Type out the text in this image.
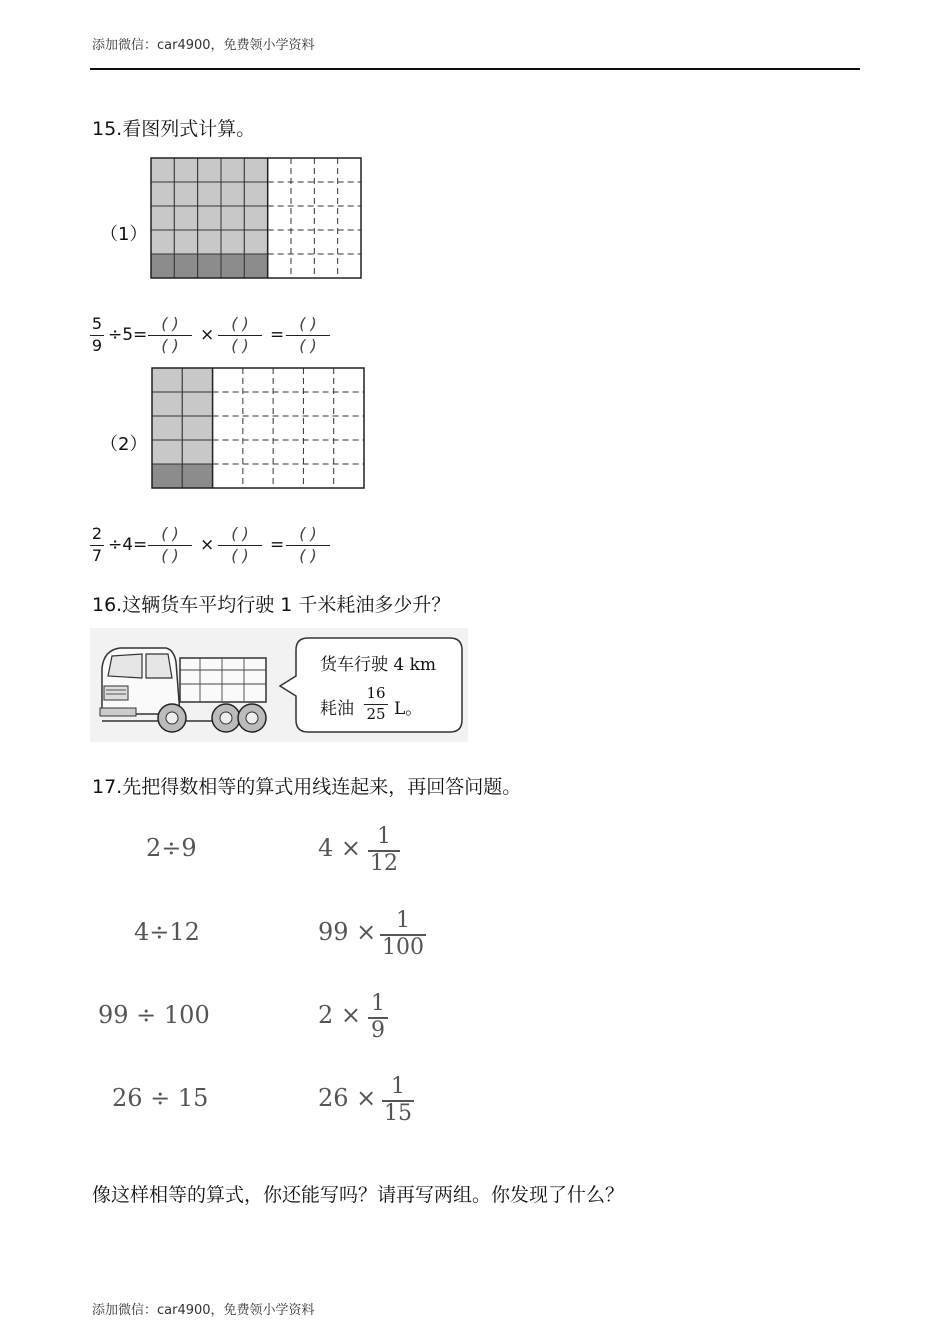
添加微信：car4900，免费领小学资料
15.看图列式计算。
（1）
5
9
÷5=
( )
( )
×
( )
( )
=
( )
( )
（2）
2
7
÷4=
( )
( )
×
( )
( )
=
( )
( )
16.这辆货车平均行驶 1 千米耗油多少升？
货车行驶 4 km
耗油
16
25 L。
17.先把得数相等的算式用线连起来，再回答问题。
2÷9
4÷12
99 ÷ 100
26 ÷ 15
4 × 1
12
99 × 1
100
2 × 1
9
26 × 1
15
像这样相等的算式，你还能写吗？请再写两组。你发现了什么？
添加微信：car4900，免费领小学资料
